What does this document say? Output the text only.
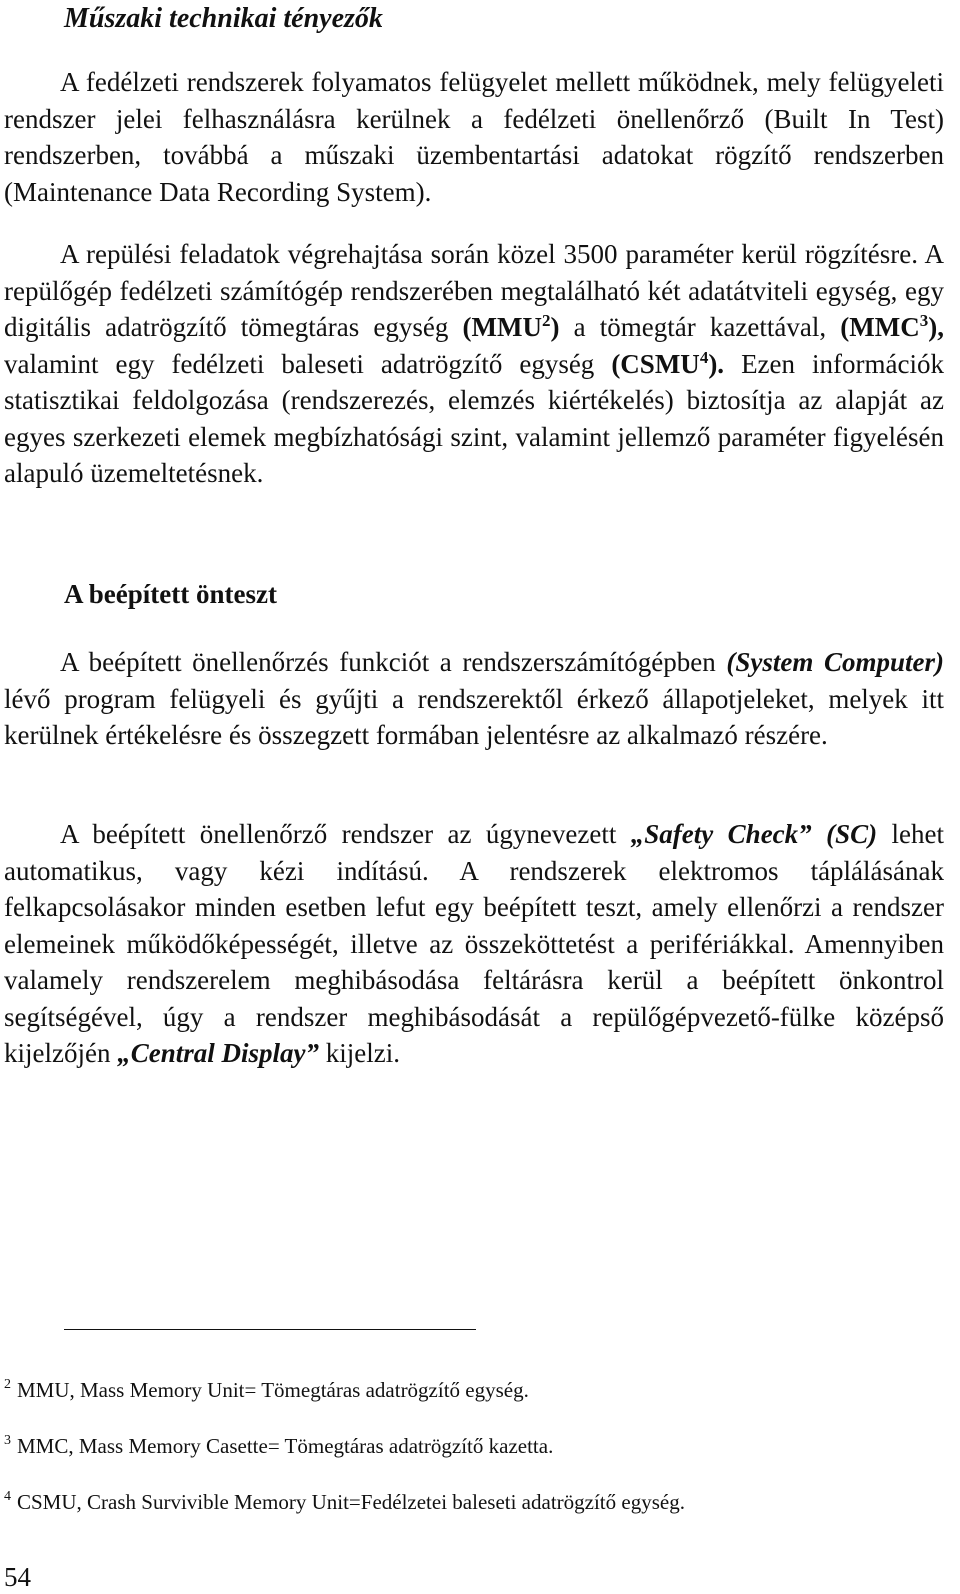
Műszaki technikai tényezők

A fedélzeti rendszerek folyamatos felügyelet mellett működnek, mely felügyeleti rendszer jelei felhasználásra kerülnek a fedélzeti önellenőrző (Built In Test) rendszerben, továbbá a műszaki üzembentartási adatokat rögzítő rendszerben (Maintenance Data Recording System).

A repülési feladatok végrehajtása során közel 3500 paraméter kerül rögzítésre. A repülőgép fedélzeti számítógép rendszerében megtalálható két adatátviteli egység, egy digitális adatrögzítő tömegtáras egység (MMU$^2$) a tömegtár kazettával, (MMC$^3$), valamint egy fedélzeti baleseti adatrögzítő egység (CSMU$^4$). Ezen információk statisztikai feldolgozása (rendszerezés, elemzés kiértékelés) biztosítja az alapját az egyes szerkezeti elemek megbízhatósági szint, valamint jellemző paraméter figyelésén alapuló üzemeltetésnek.

A beépített önteszt

A beépített önellenőrzés funkciót a rendszerszámítógépben (System Computer) lévő program felügyeli és gyűjti a rendszerektől érkező állapotjeleket, melyek itt kerülnek értékelésre és összegzett formában jelentésre az alkalmazó részére.

A beépített önellenőrző rendszer az úgynevezett „Safety Check” (SC) lehet automatikus, vagy kézi indítású. A rendszerek elektromos táplálásának felkapcsolásakor minden esetben lefut egy beépített teszt, amely ellenőrzi a rendszer elemeinek működőképességét, illetve az összeköttetést a perifériákkal. Amennyiben valamely rendszerelem meghibásodása feltárásra kerül a beépített önkontrol segítségével, úgy a rendszer meghibásodását a repülőgépvezető-fülke középső kijelzőjén „Central Display” kijelzi.

$^2$ MMU, Mass Memory Unit= Tömegtáras adatrögzítő egység.

$^3$ MMC, Mass Memory Casette= Tömegtáras adatrögzítő kazetta.

$^4$ CSMU, Crash Survivible Memory Unit=Fedélzetei baleseti adatrögzítő egység.

54
